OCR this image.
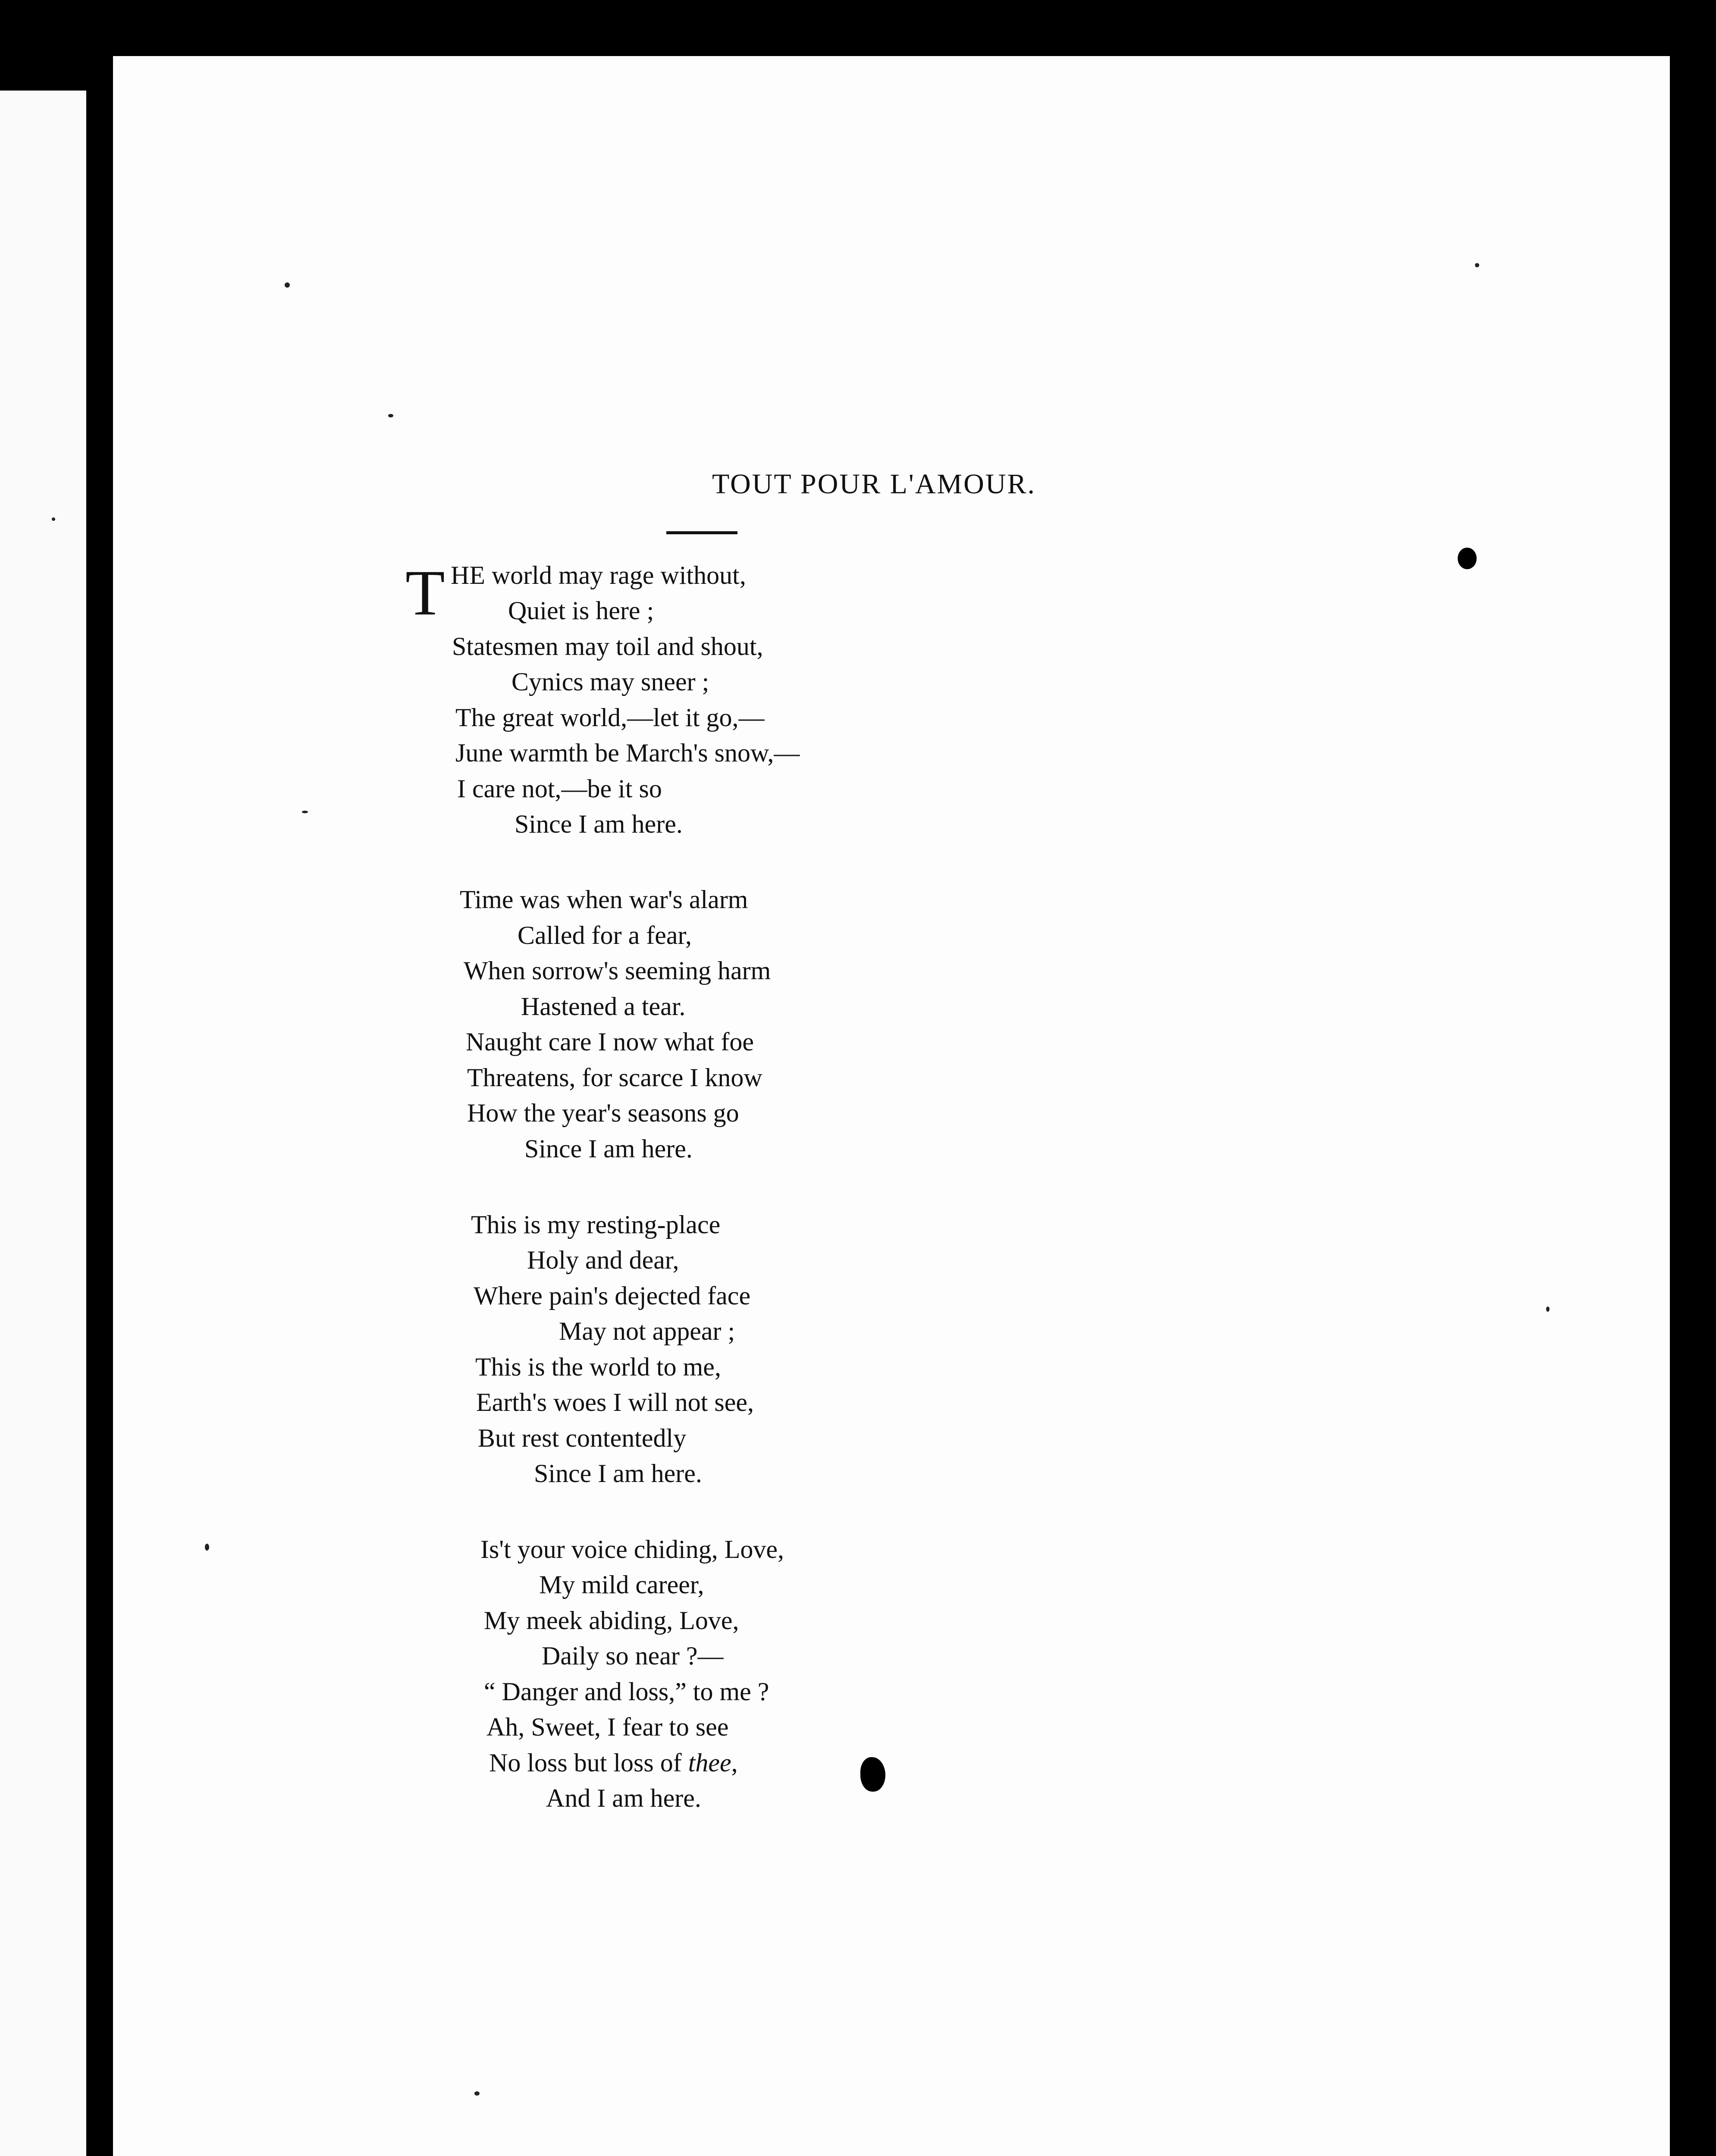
TOUT POUR L'AMOUR.
T HE world may rage without,
Quiet is here ;
Statesmen may toil and shout,
Cynics may sneer ;
The great world,—let it go,—
June warmth be March's snow,—
I care not,—be it so
Since I am here.
Time was when war's alarm
Called for a fear,
When sorrow's seeming harm
Hastened a tear.
Naught care I now what foe
Threatens, for scarce I know
How the year's seasons go
Since I am here.
This is my resting-place
Holy and dear,
Where pain's dejected face
May not appear ;
This is the world to me,
Earth's woes I will not see,
But rest contentedly
Since I am here.
Is't your voice chiding, Love,
My mild career,
My meek abiding, Love,
Daily so near ?—
“ Danger and loss,” to me ?
Ah, Sweet, I fear to see
No loss but loss of thee,
And I am here.
